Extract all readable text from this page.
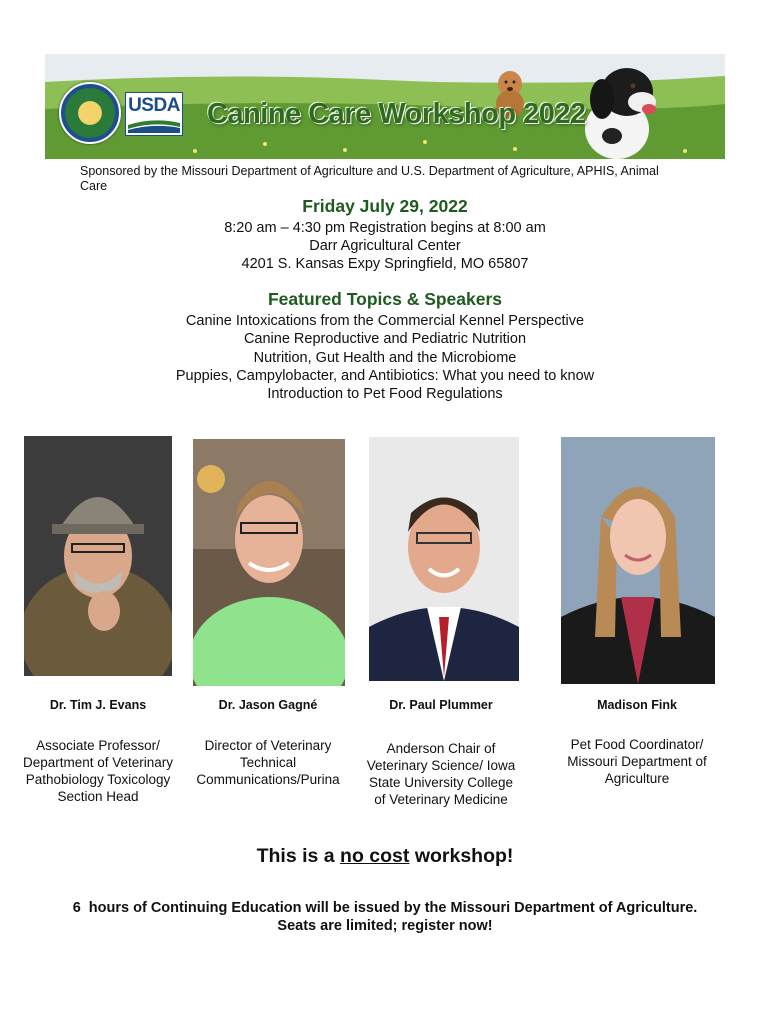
USDA Canine Care Workshop 2022
Sponsored by the Missouri Department of Agriculture and U.S. Department of Agriculture, APHIS, Animal Care
Friday July 29, 2022
8:20 am – 4:30 pm Registration begins at 8:00 am
Darr Agricultural Center
4201 S. Kansas Expy Springfield, MO 65807
Featured Topics & Speakers
Canine Intoxications from the Commercial Kennel Perspective
Canine Reproductive and Pediatric Nutrition
Nutrition, Gut Health and the Microbiome
Puppies, Campylobacter, and Antibiotics: What you need to know
Introduction to Pet Food Regulations
Dr. Tim J. Evans	Dr. Jason Gagné	Dr. Paul Plummer	Madison Fink
Associate Professor/ Department of Veterinary Pathobiology Toxicology Section Head
Director of Veterinary Technical Communications/Purina
Anderson Chair of Veterinary Science/ Iowa State University College of Veterinary Medicine
Pet Food Coordinator/ Missouri Department of Agriculture
This is a no cost workshop!
6  hours of Continuing Education will be issued by the Missouri Department of Agriculture.
Seats are limited; register now!
